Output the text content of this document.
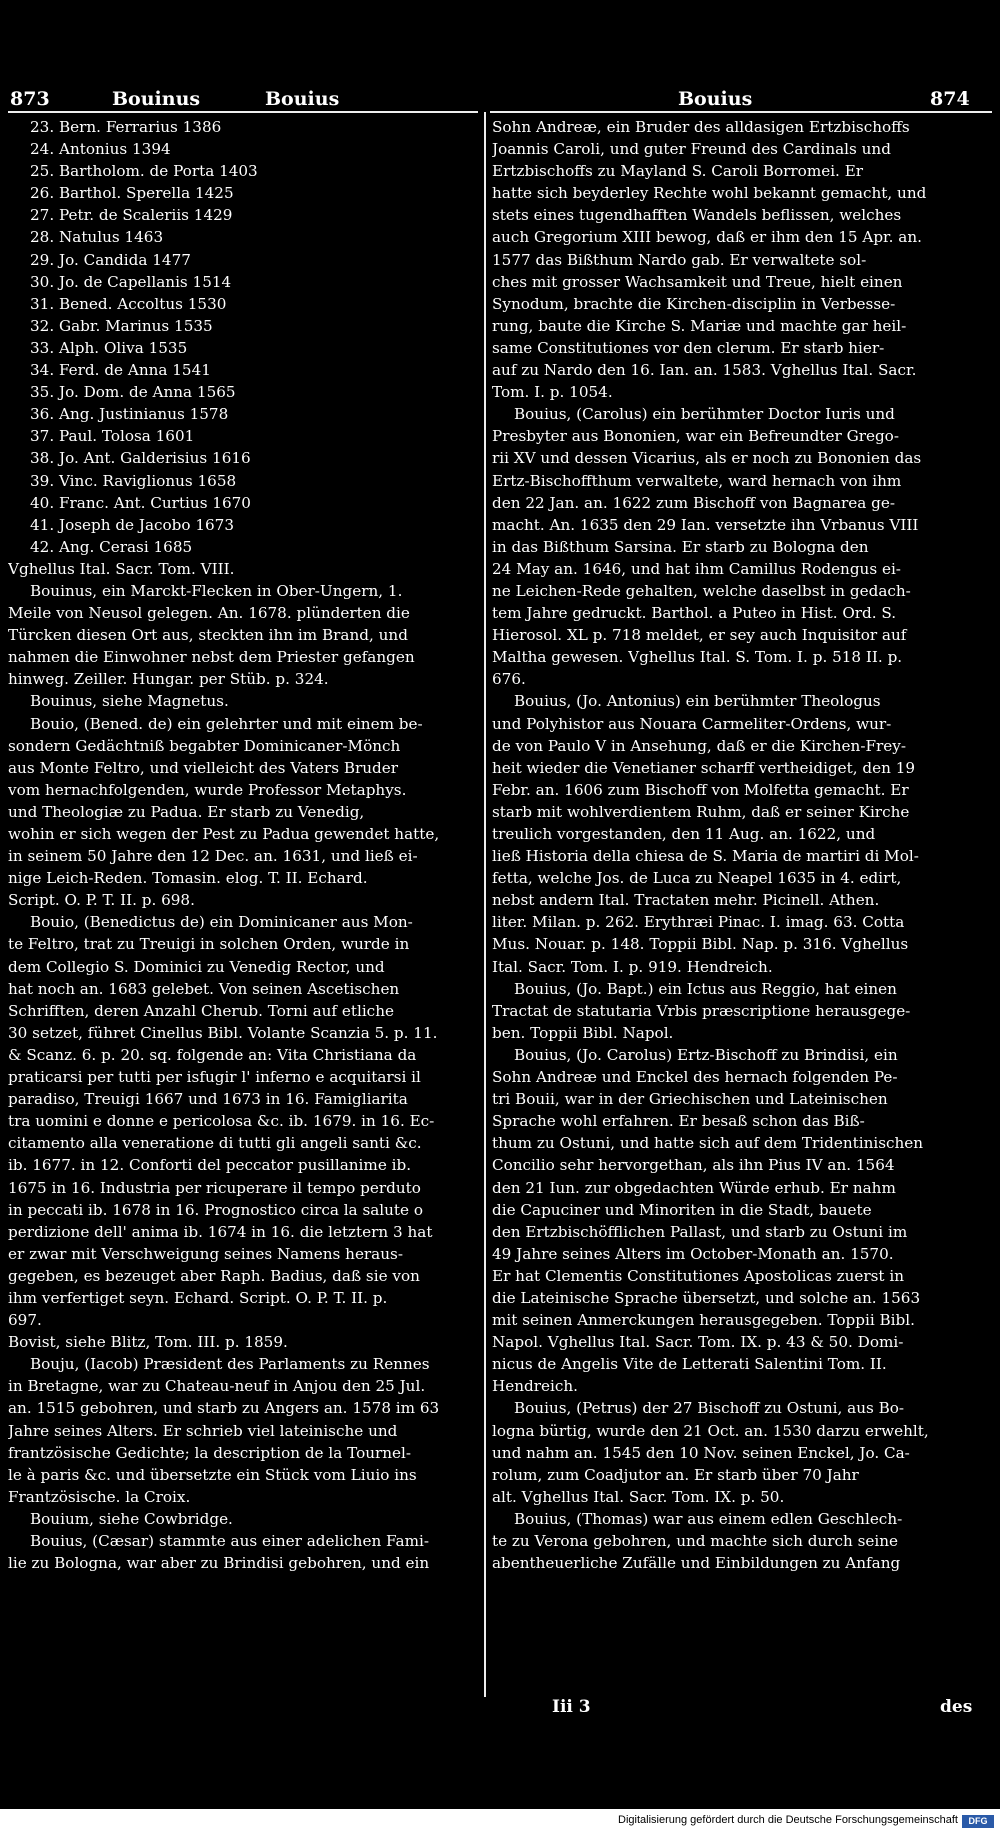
873	Bouinus	Bouius	Bouius	874
23. Bern. Ferrarius 1386
24. Antonius 1394
25. Bartholom. de Porta 1403
26. Barthol. Sperella 1425
27. Petr. de Scaleriis 1429
28. Natulus 1463
29. Jo. Candida 1477
30. Jo. de Capellanis 1514
31. Bened. Accoltus 1530
32. Gabr. Marinus 1535
33. Alph. Oliva 1535
34. Ferd. de Anna 1541
35. Jo. Dom. de Anna 1565
36. Ang. Justinianus 1578
37. Paul. Tolosa 1601
38. Jo. Ant. Galderisius 1616
39. Vinc. Raviglionus 1658
40. Franc. Ant. Curtius 1670
41. Joseph de Jacobo 1673
42. Ang. Cerasi 1685
Vghellus Ital. Sacr. Tom. VIII.
Bouinus, ein Marckt-Flecken in Ober-Ungern, 1.
Meile von Neusol gelegen. An. 1678. plünderten die
Türcken diesen Ort aus, steckten ihn im Brand, und
nahmen die Einwohner nebst dem Priester gefangen
hinweg. Zeiller. Hungar. per Stüb. p. 324.
Bouinus, siehe Magnetus.
Bouio, (Bened. de) ein gelehrter und mit einem be-
sondern Gedächtniß begabter Dominicaner-Mönch
aus Monte Feltro, und vielleicht des Vaters Bruder
vom hernachfolgenden, wurde Professor Metaphys.
und Theologiæ zu Padua. Er starb zu Venedig,
wohin er sich wegen der Pest zu Padua gewendet hatte,
in seinem 50 Jahre den 12 Dec. an. 1631, und ließ ei-
nige Leich-Reden. Tomasin. elog. T. II. Echard.
Script. O. P. T. II. p. 698.
Bouio, (Benedictus de) ein Dominicaner aus Mon-
te Feltro, trat zu Treuigi in solchen Orden, wurde in
dem Collegio S. Dominici zu Venedig Rector, und
hat noch an. 1683 gelebet. Von seinen Ascetischen
Schrifften, deren Anzahl Cherub. Torni auf etliche
30 setzet, führet Cinellus Bibl. Volante Scanzia 5. p. 11.
& Scanz. 6. p. 20. sq. folgende an: Vita Christiana da
praticarsi per tutti per isfugir l' inferno e acquitarsi il
paradiso, Treuigi 1667 und 1673 in 16. Famigliarita
tra uomini e donne e pericolosa &c. ib. 1679. in 16. Ec-
citamento alla veneratione di tutti gli angeli santi &c.
ib. 1677. in 12. Conforti del peccator pusillanime ib.
1675 in 16. Industria per ricuperare il tempo perduto
in peccati ib. 1678 in 16. Prognostico circa la salute o
perdizione dell' anima ib. 1674 in 16. die letztern 3 hat
er zwar mit Verschweigung seines Namens heraus-
gegeben, es bezeuget aber Raph. Badius, daß sie von
ihm verfertiget seyn. Echard. Script. O. P. T. II. p.
697.
Bovist, siehe Blitz, Tom. III. p. 1859.
Bouju, (Iacob) Præsident des Parlaments zu Rennes
in Bretagne, war zu Chateau-neuf in Anjou den 25 Jul.
an. 1515 gebohren, und starb zu Angers an. 1578 im 63
Jahre seines Alters. Er schrieb viel lateinische und
frantzösische Gedichte; la description de la Tournel-
le à paris &c. und übersetzte ein Stück vom Liuio ins
Frantzösische. la Croix.
Bouium, siehe Cowbridge.
Bouius, (Cæsar) stammte aus einer adelichen Fami-
lie zu Bologna, war aber zu Brindisi gebohren, und ein
Sohn Andreæ, ein Bruder des alldasigen Ertzbischoffs
Joannis Caroli, und guter Freund des Cardinals und
Ertzbischoffs zu Mayland S. Caroli Borromei. Er
hatte sich beyderley Rechte wohl bekannt gemacht, und
stets eines tugendhafften Wandels beflissen, welches
auch Gregorium XIII bewog, daß er ihm den 15 Apr. an.
1577 das Bißthum Nardo gab. Er verwaltete sol-
ches mit grosser Wachsamkeit und Treue, hielt einen
Synodum, brachte die Kirchen-disciplin in Verbesse-
rung, baute die Kirche S. Mariæ und machte gar heil-
same Constitutiones vor den clerum. Er starb hier-
auf zu Nardo den 16. Ian. an. 1583. Vghellus Ital. Sacr.
Tom. I. p. 1054.
Bouius, (Carolus) ein berühmter Doctor Iuris und
Presbyter aus Bononien, war ein Befreundter Grego-
rii XV und dessen Vicarius, als er noch zu Bononien das
Ertz-Bischoffthum verwaltete, ward hernach von ihm
den 22 Jan. an. 1622 zum Bischoff von Bagnarea ge-
macht. An. 1635 den 29 Ian. versetzte ihn Vrbanus VIII
in das Bißthum Sarsina. Er starb zu Bologna den
24 May an. 1646, und hat ihm Camillus Rodengus ei-
ne Leichen-Rede gehalten, welche daselbst in gedach-
tem Jahre gedruckt. Barthol. a Puteo in Hist. Ord. S.
Hierosol. XL p. 718 meldet, er sey auch Inquisitor auf
Maltha gewesen. Vghellus Ital. S. Tom. I. p. 518 II. p.
676.
Bouius, (Jo. Antonius) ein berühmter Theologus
und Polyhistor aus Nouara Carmeliter-Ordens, wur-
de von Paulo V in Ansehung, daß er die Kirchen-Frey-
heit wieder die Venetianer scharff vertheidiget, den 19
Febr. an. 1606 zum Bischoff von Molfetta gemacht. Er
starb mit wohlverdientem Ruhm, daß er seiner Kirche
treulich vorgestanden, den 11 Aug. an. 1622, und
ließ Historia della chiesa de S. Maria de martiri di Mol-
fetta, welche Jos. de Luca zu Neapel 1635 in 4. edirt,
nebst andern Ital. Tractaten mehr. Picinell. Athen.
liter. Milan. p. 262. Erythræi Pinac. I. imag. 63. Cotta
Mus. Nouar. p. 148. Toppii Bibl. Nap. p. 316. Vghellus
Ital. Sacr. Tom. I. p. 919. Hendreich.
Bouius, (Jo. Bapt.) ein Ictus aus Reggio, hat einen
Tractat de statutaria Vrbis præscriptione herausgege-
ben. Toppii Bibl. Napol.
Bouius, (Jo. Carolus) Ertz-Bischoff zu Brindisi, ein
Sohn Andreæ und Enckel des hernach folgenden Pe-
tri Bouii, war in der Griechischen und Lateinischen
Sprache wohl erfahren. Er besaß schon das Biß-
thum zu Ostuni, und hatte sich auf dem Tridentinischen
Concilio sehr hervorgethan, als ihn Pius IV an. 1564
den 21 Iun. zur obgedachten Würde erhub. Er nahm
die Capuciner und Minoriten in die Stadt, bauete
den Ertzbischöfflichen Pallast, und starb zu Ostuni im
49 Jahre seines Alters im October-Monath an. 1570.
Er hat Clementis Constitutiones Apostolicas zuerst in
die Lateinische Sprache übersetzt, und solche an. 1563
mit seinen Anmerckungen herausgegeben. Toppii Bibl.
Napol. Vghellus Ital. Sacr. Tom. IX. p. 43 & 50. Domi-
nicus de Angelis Vite de Letterati Salentini Tom. II.
Hendreich.
Bouius, (Petrus) der 27 Bischoff zu Ostuni, aus Bo-
logna bürtig, wurde den 21 Oct. an. 1530 darzu erwehlt,
und nahm an. 1545 den 10 Nov. seinen Enckel, Jo. Ca-
rolum, zum Coadjutor an. Er starb über 70 Jahr
alt. Vghellus Ital. Sacr. Tom. IX. p. 50.
Bouius, (Thomas) war aus einem edlen Geschlech-
te zu Verona gebohren, und machte sich durch seine
abentheuerliche Zufälle und Einbildungen zu Anfang
Iii 3	des
Digitalisierung gefördert durch die Deutsche Forschungsgemeinschaft	DFG
